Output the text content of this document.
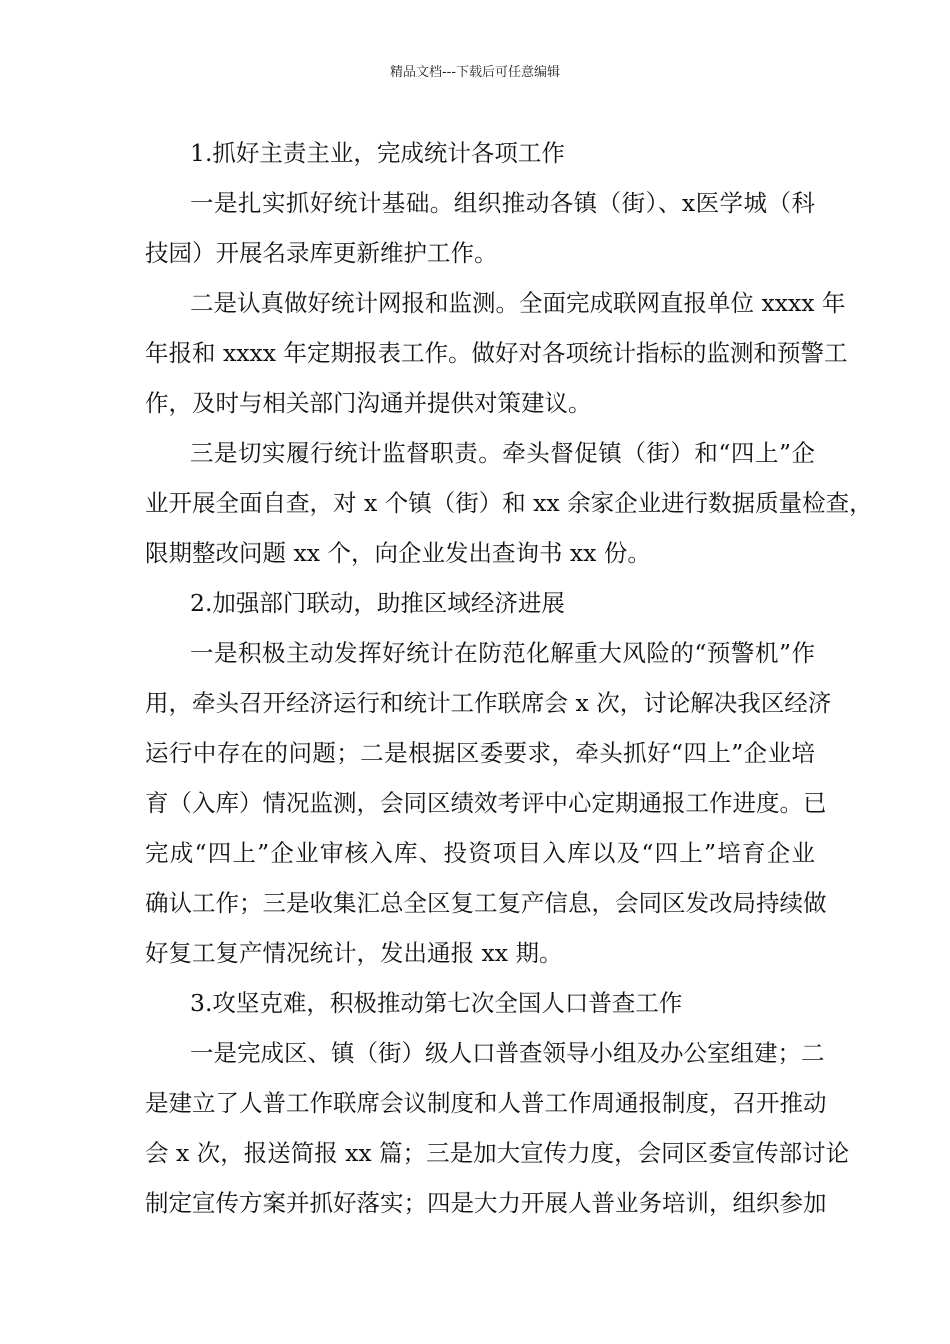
精品文档---下载后可任意编辑
1.抓好主责主业，完成统计各项工作
一是扎实抓好统计基础。组织推动各镇（街）、x医学城（科
技园）开展名录库更新维护工作。
二是认真做好统计网报和监测。全面完成联网直报单位 xxxx 年
年报和 xxxx 年定期报表工作。做好对各项统计指标的监测和预警工
作，及时与相关部门沟通并提供对策建议。
三是切实履行统计监督职责。牵头督促镇（街）和“四上”企
业开展全面自查，对 x 个镇（街）和 xx 余家企业进行数据质量检查，
限期整改问题 xx 个，向企业发出查询书 xx 份。
2.加强部门联动，助推区域经济进展
一是积极主动发挥好统计在防范化解重大风险的“预警机”作
用，牵头召开经济运行和统计工作联席会 x 次，讨论解决我区经济
运行中存在的问题；二是根据区委要求，牵头抓好“四上”企业培
育（入库）情况监测，会同区绩效考评中心定期通报工作进度。已
完成“四上”企业审核入库、投资项目入库以及“四上”培育企业
确认工作；三是收集汇总全区复工复产信息，会同区发改局持续做
好复工复产情况统计，发出通报 xx 期。
3.攻坚克难，积极推动第七次全国人口普查工作
一是完成区、镇（街）级人口普查领导小组及办公室组建；二
是建立了人普工作联席会议制度和人普工作周通报制度，召开推动
会 x 次，报送简报 xx 篇；三是加大宣传力度，会同区委宣传部讨论
制定宣传方案并抓好落实；四是大力开展人普业务培训，组织参加
